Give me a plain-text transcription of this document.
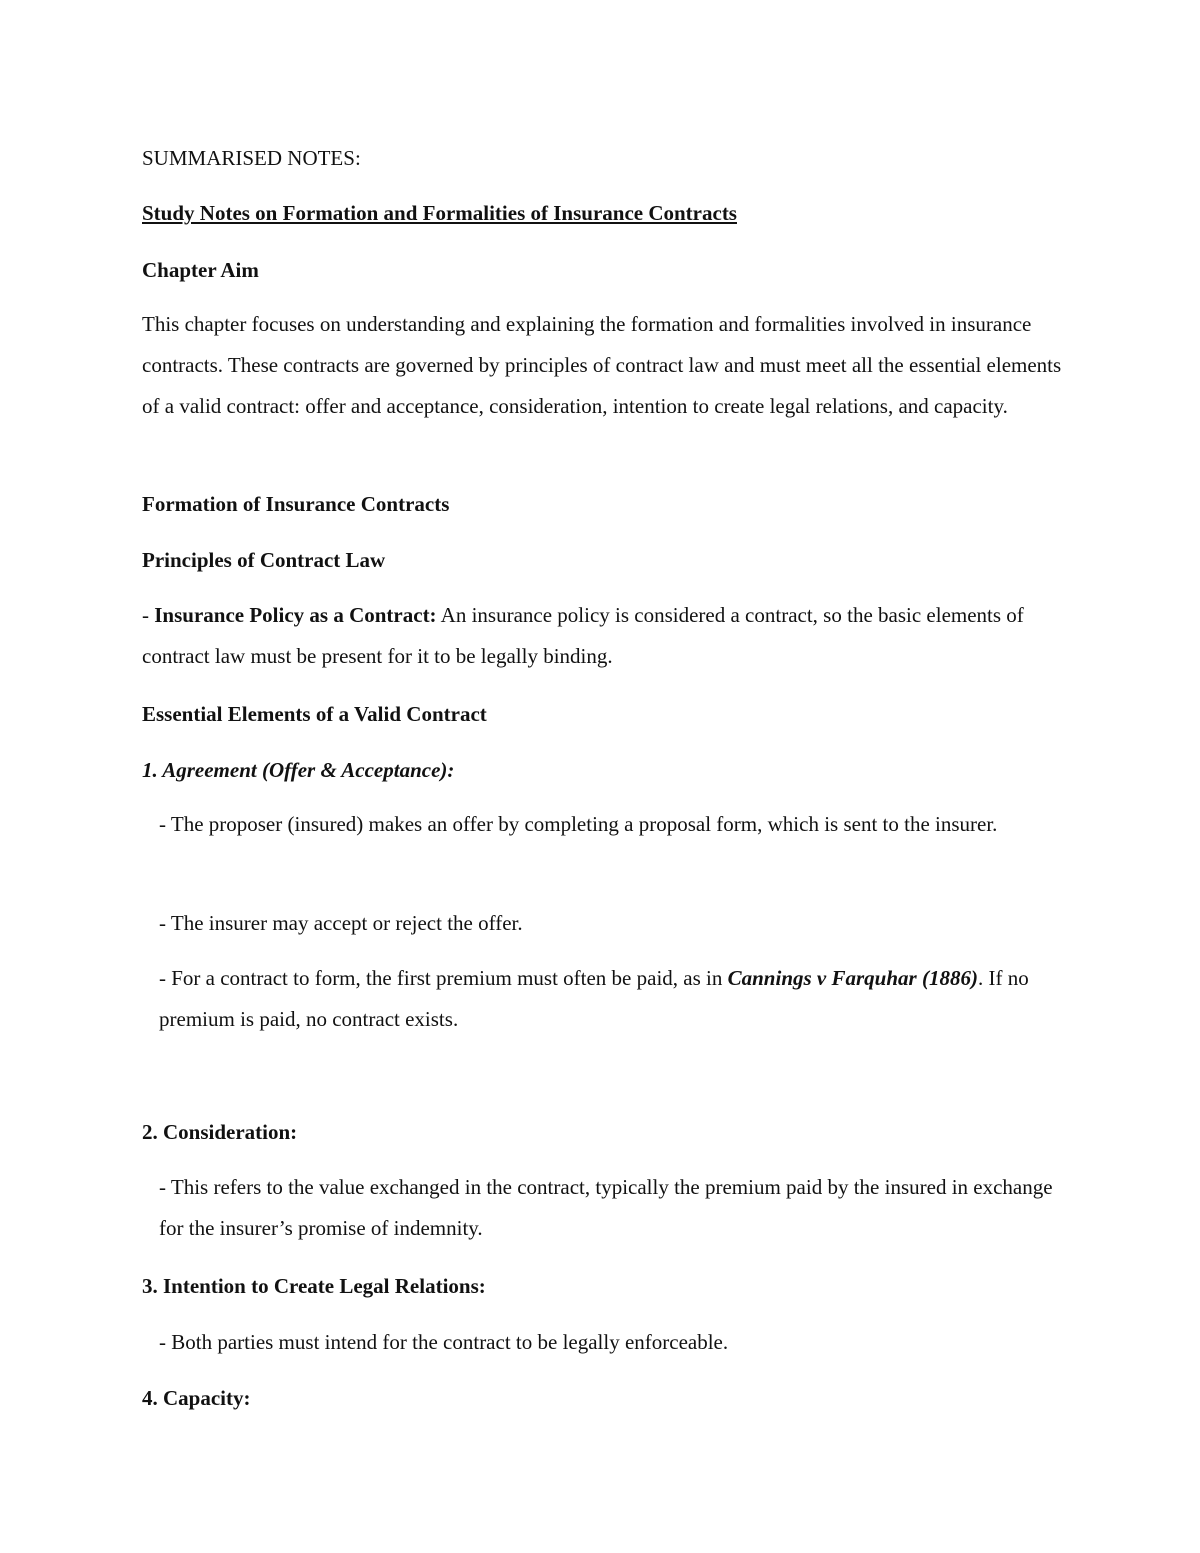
SUMMARISED NOTES:
Study Notes on Formation and Formalities of Insurance Contracts
Chapter Aim
This chapter focuses on understanding and explaining the formation and formalities involved in insurance contracts. These contracts are governed by principles of contract law and must meet all the essential elements of a valid contract: offer and acceptance, consideration, intention to create legal relations, and capacity.
Formation of Insurance Contracts
Principles of Contract Law
- Insurance Policy as a Contract: An insurance policy is considered a contract, so the basic elements of contract law must be present for it to be legally binding.
Essential Elements of a Valid Contract
1. Agreement (Offer & Acceptance):
- The proposer (insured) makes an offer by completing a proposal form, which is sent to the insurer.
- The insurer may accept or reject the offer.
- For a contract to form, the first premium must often be paid, as in Cannings v Farquhar (1886). If no premium is paid, no contract exists.
2. Consideration:
- This refers to the value exchanged in the contract, typically the premium paid by the insured in exchange for the insurer’s promise of indemnity.
3. Intention to Create Legal Relations:
- Both parties must intend for the contract to be legally enforceable.
4. Capacity:
